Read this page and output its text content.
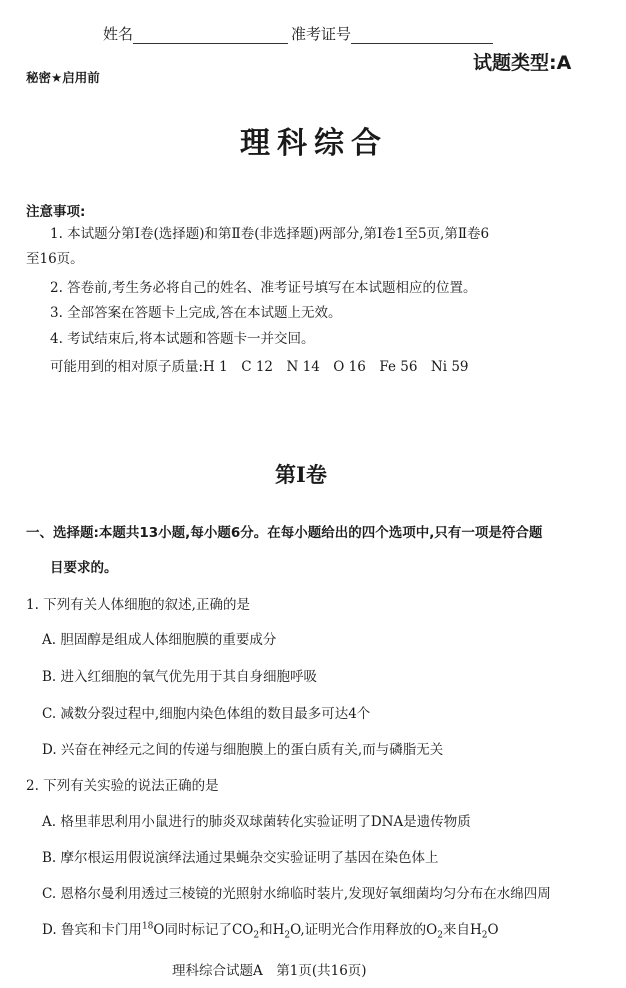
姓名	准考证号
试题类型:A
秘密★启用前
理科综合
注意事项:
1. 本试题分第Ⅰ卷(选择题)和第Ⅱ卷(非选择题)两部分,第Ⅰ卷1至5页,第Ⅱ卷6
至16页。
2. 答卷前,考生务必将自己的姓名、准考证号填写在本试题相应的位置。
3. 全部答案在答题卡上完成,答在本试题上无效。
4. 考试结束后,将本试题和答题卡一并交回。
可能用到的相对原子质量:H 1　C 12　N 14　O 16　Fe 56　Ni 59
第Ⅰ卷
一、选择题:本题共13小题,每小题6分。在每小题给出的四个选项中,只有一项是符合题
目要求的。
1. 下列有关人体细胞的叙述,正确的是
A. 胆固醇是组成人体细胞膜的重要成分
B. 进入红细胞的氧气优先用于其自身细胞呼吸
C. 减数分裂过程中,细胞内染色体组的数目最多可达4个
D. 兴奋在神经元之间的传递与细胞膜上的蛋白质有关,而与磷脂无关
2. 下列有关实验的说法正确的是
A. 格里菲思利用小鼠进行的肺炎双球菌转化实验证明了DNA是遗传物质
B. 摩尔根运用假说演绎法通过果蝇杂交实验证明了基因在染色体上
C. 恩格尔曼利用透过三棱镜的光照射水绵临时装片,发现好氧细菌均匀分布在水绵四周
D. 鲁宾和卡门用$^{18}$O同时标记了$CO_2$和$H_2O$,证明光合作用释放的$O_2$来自$H_2O$
理科综合试题A　第1页(共16页)
